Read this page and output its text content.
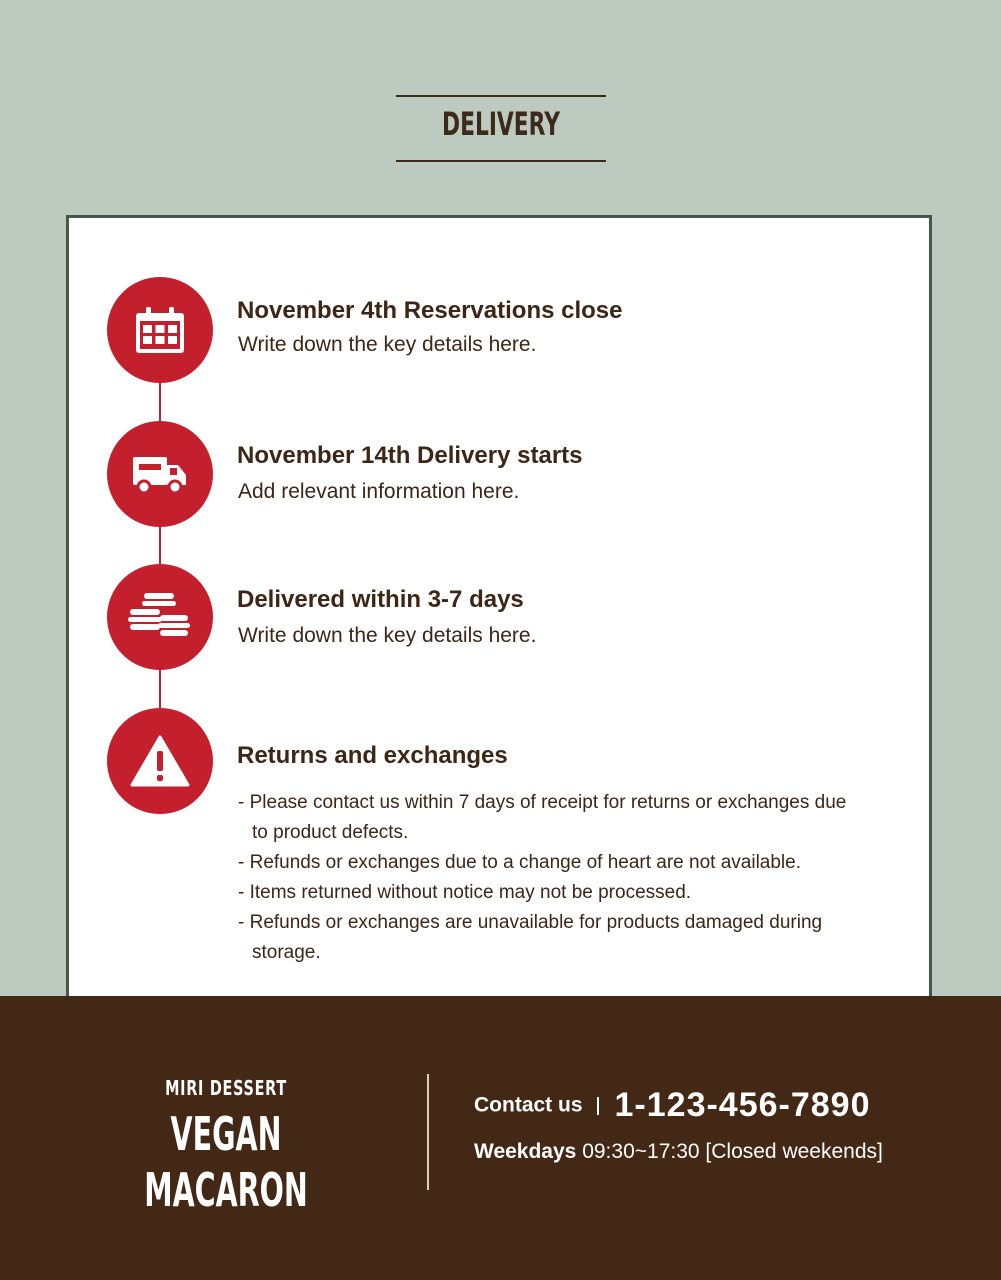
DELIVERY
November 4th Reservations close
Write down the key details here.
November 14th Delivery starts
Add relevant information here.
Delivered within 3-7 days
Write down the key details here.
Returns and exchanges
- Please contact us within 7 days of receipt for returns or exchanges due to product defects.
- Refunds or exchanges due to a change of heart are not available.
- Items returned without notice may not be processed.
- Refunds or exchanges are unavailable for products damaged during storage.
MIRI DESSERT
VEGAN MACARON
Contact us 1-123-456-7890
Weekdays 09:30~17:30 [Closed weekends]
